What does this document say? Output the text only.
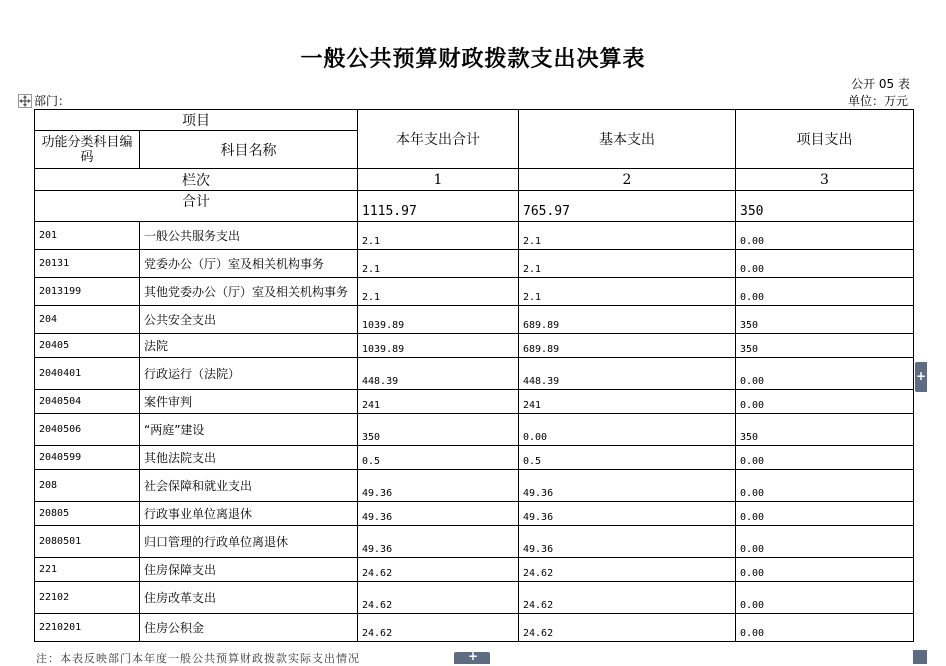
一般公共预算财政拨款支出决算表
公开 05 表
部门：	单位：万元
项目		本年支出合计	基本支出	项目支出
功能分类科目编码	科目名称			
栏次		1	2	3
合计		1115.97	765.97	350
201	一般公共服务支出	2.1	2.1	0.00
20131	党委办公（厅）室及相关机构事务	2.1	2.1	0.00
2013199	其他党委办公（厅）室及相关机构事务	2.1	2.1	0.00
204	公共安全支出	1039.89	689.89	350
20405	法院	1039.89	689.89	350
2040401	行政运行（法院）	448.39	448.39	0.00
2040504	案件审判	241	241	0.00
2040506	“两庭”建设	350	0.00	350
2040599	其他法院支出	0.5	0.5	0.00
208	社会保障和就业支出	49.36	49.36	0.00
20805	行政事业单位离退休	49.36	49.36	0.00
2080501	归口管理的行政单位离退休	49.36	49.36	0.00
221	住房保障支出	24.62	24.62	0.00
22102	住房改革支出	24.62	24.62	0.00
2210201	住房公积金	24.62	24.62	0.00
注：本表反映部门本年度一般公共预算财政拨款实际支出情况
+
+
